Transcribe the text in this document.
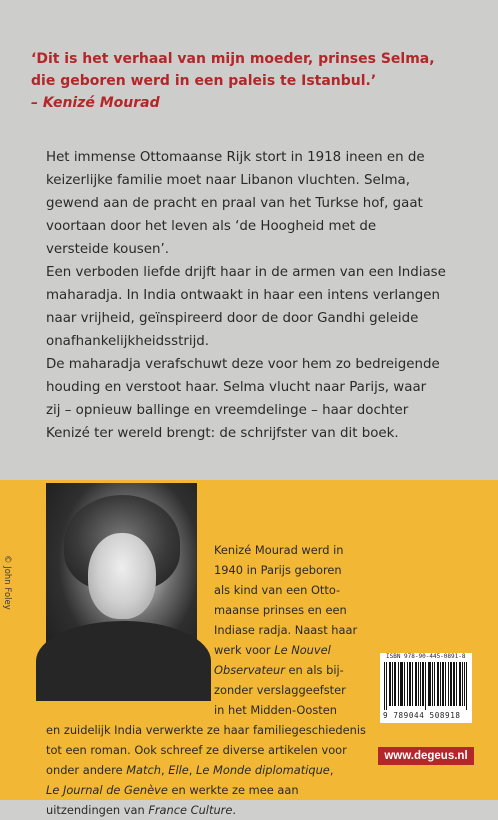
‘Dit is het verhaal van mijn moeder, prinses Selma,
die geboren werd in een paleis te Istanbul.’
– Kenizé Mourad
Het immense Ottomaanse Rijk stort in 1918 ineen en de
keizerlijke familie moet naar Libanon vluchten. Selma,
gewend aan de pracht en praal van het Turkse hof, gaat
voortaan door het leven als ‘de Hoogheid met de
versteide kousen’.
Een verboden liefde drijft haar in de armen van een Indiase
maharadja. In India ontwaakt in haar een intens verlangen
naar vrijheid, geïnspireerd door de door Gandhi geleide
onafhankelijkheidsstrijd.
De maharadja verafschuwt deze voor hem zo bedreigende
houding en verstoot haar. Selma vlucht naar Parijs, waar
zij – opnieuw ballinge en vreemdelinge – haar dochter
Kenizé ter wereld brengt: de schrijfster van dit boek.
© John Foley
Kenizé Mourad werd in
1940 in Parijs geboren
als kind van een Otto-
maanse prinses en een
Indiase radja. Naast haar
werk voor Le Nouvel
Observateur en als bij-
zonder verslaggeefster
in het Midden-Oosten
en zuidelijk India verwerkte ze haar familiegeschiedenis
tot een roman. Ook schreef ze diverse artikelen voor
onder andere Match, Elle, Le Monde diplomatique,
Le Journal de Genève en werkte ze mee aan
uitzendingen van France Culture.
ISBN 978-90-445-0891-8
9 789044 508918
www.degeus.nl
